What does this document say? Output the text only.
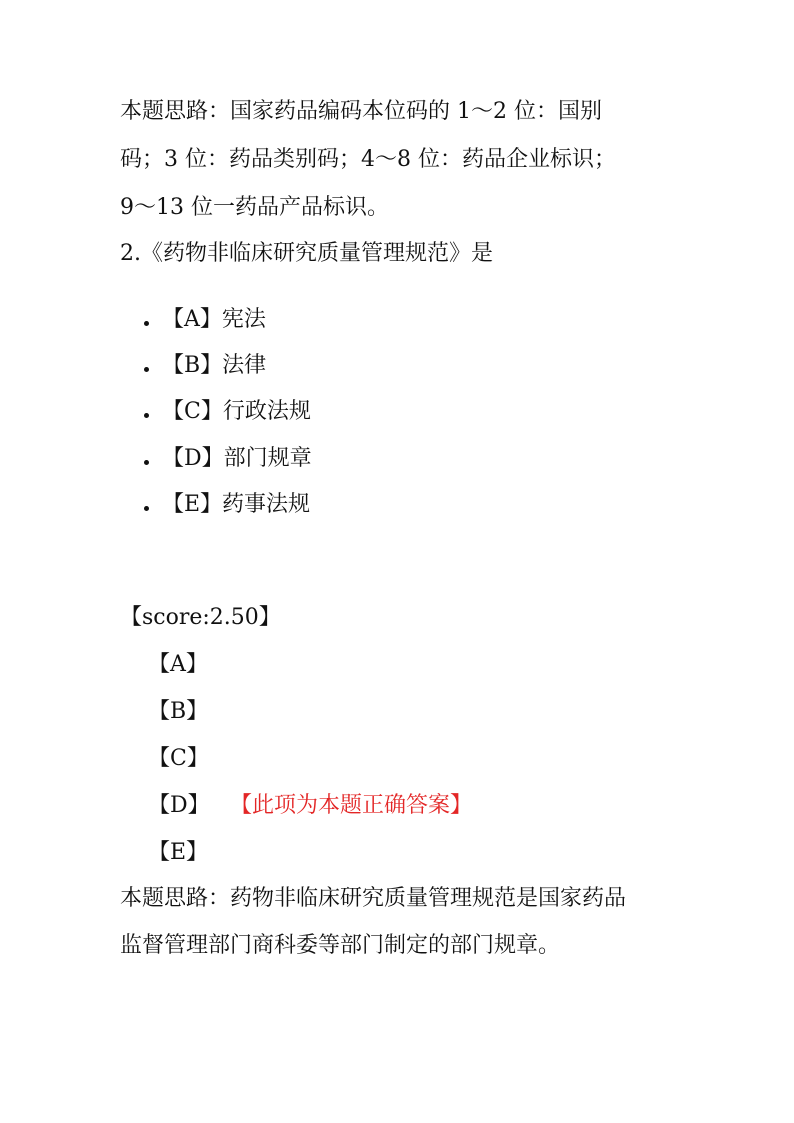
本题思路：国家药品编码本位码的 1～2 位：国别
码；3 位：药品类别码；4～8 位：药品企业标识；
9～13 位一药品产品标识。
2.《药物非临床研究质量管理规范》是
【A】宪法
【B】法律
【C】行政法规
【D】部门规章
【E】药事法规
【score:2.50】
【A】
【B】
【C】
【D】 【此项为本题正确答案】
【E】
本题思路：药物非临床研究质量管理规范是国家药品
监督管理部门商科委等部门制定的部门规章。
